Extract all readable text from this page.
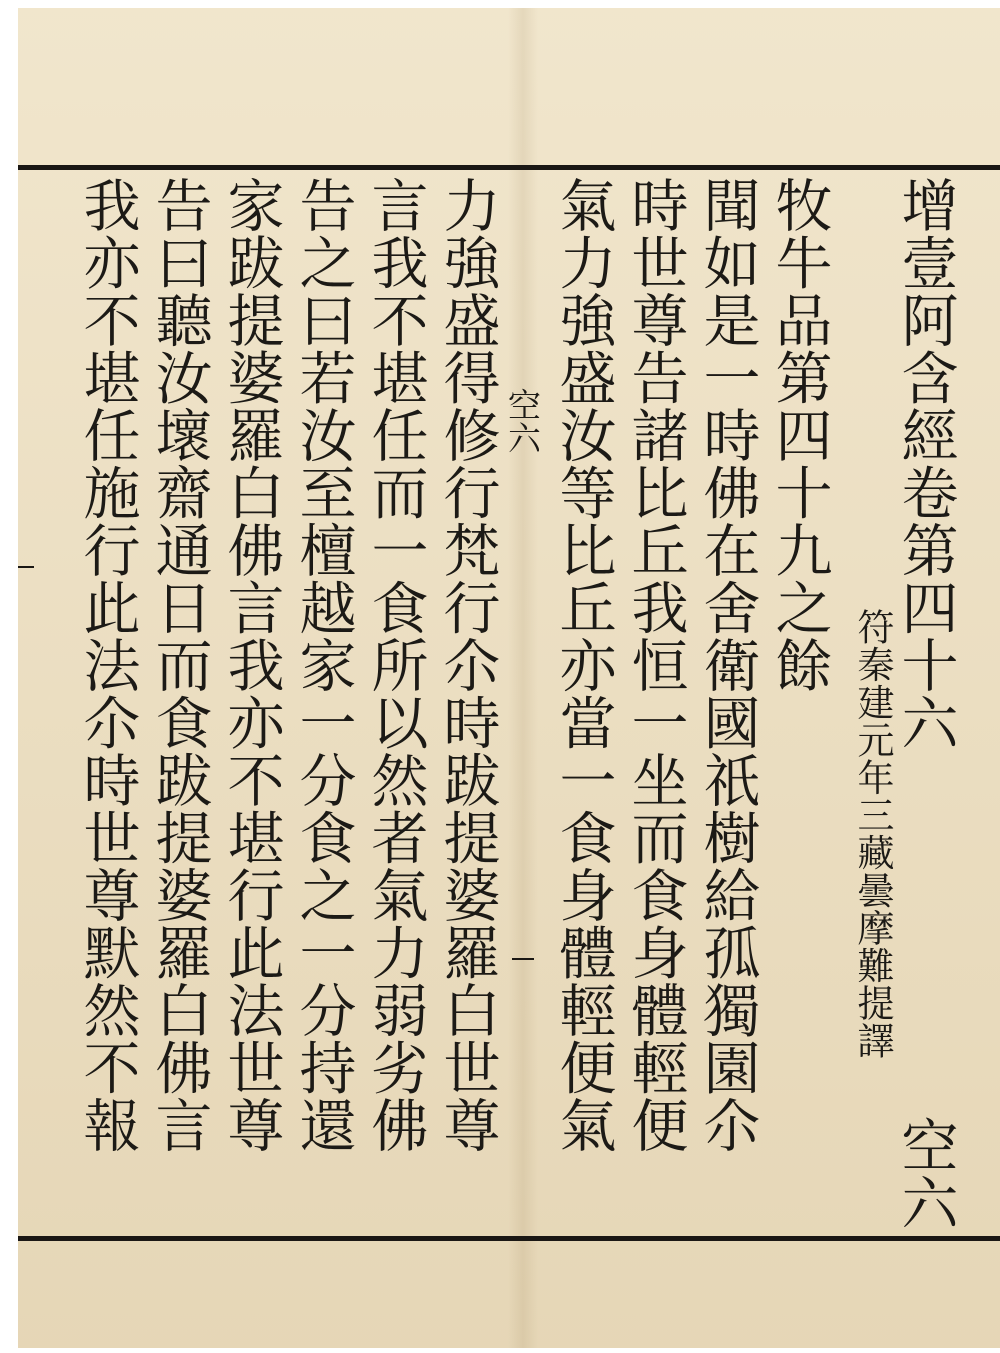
增壹阿含經卷第四十六
空六
符秦建元年三藏曇摩難提譯
牧牛品第四十九之餘
聞如是一時佛在舍衛國祇樹給孤獨園尒
時世尊告諸比丘我恒一坐而食身體輕便
氣力強盛汝等比丘亦當一食身體輕便氣
空六
力強盛得修行梵行尒時跋提婆羅白世尊
言我不堪任而一食所以然者氣力弱劣佛
告之曰若汝至檀越家一分食之一分持還
家跋提婆羅白佛言我亦不堪行此法世尊
告曰聽汝壞齋通日而食跋提婆羅白佛言
我亦不堪任施行此法尒時世尊默然不報
